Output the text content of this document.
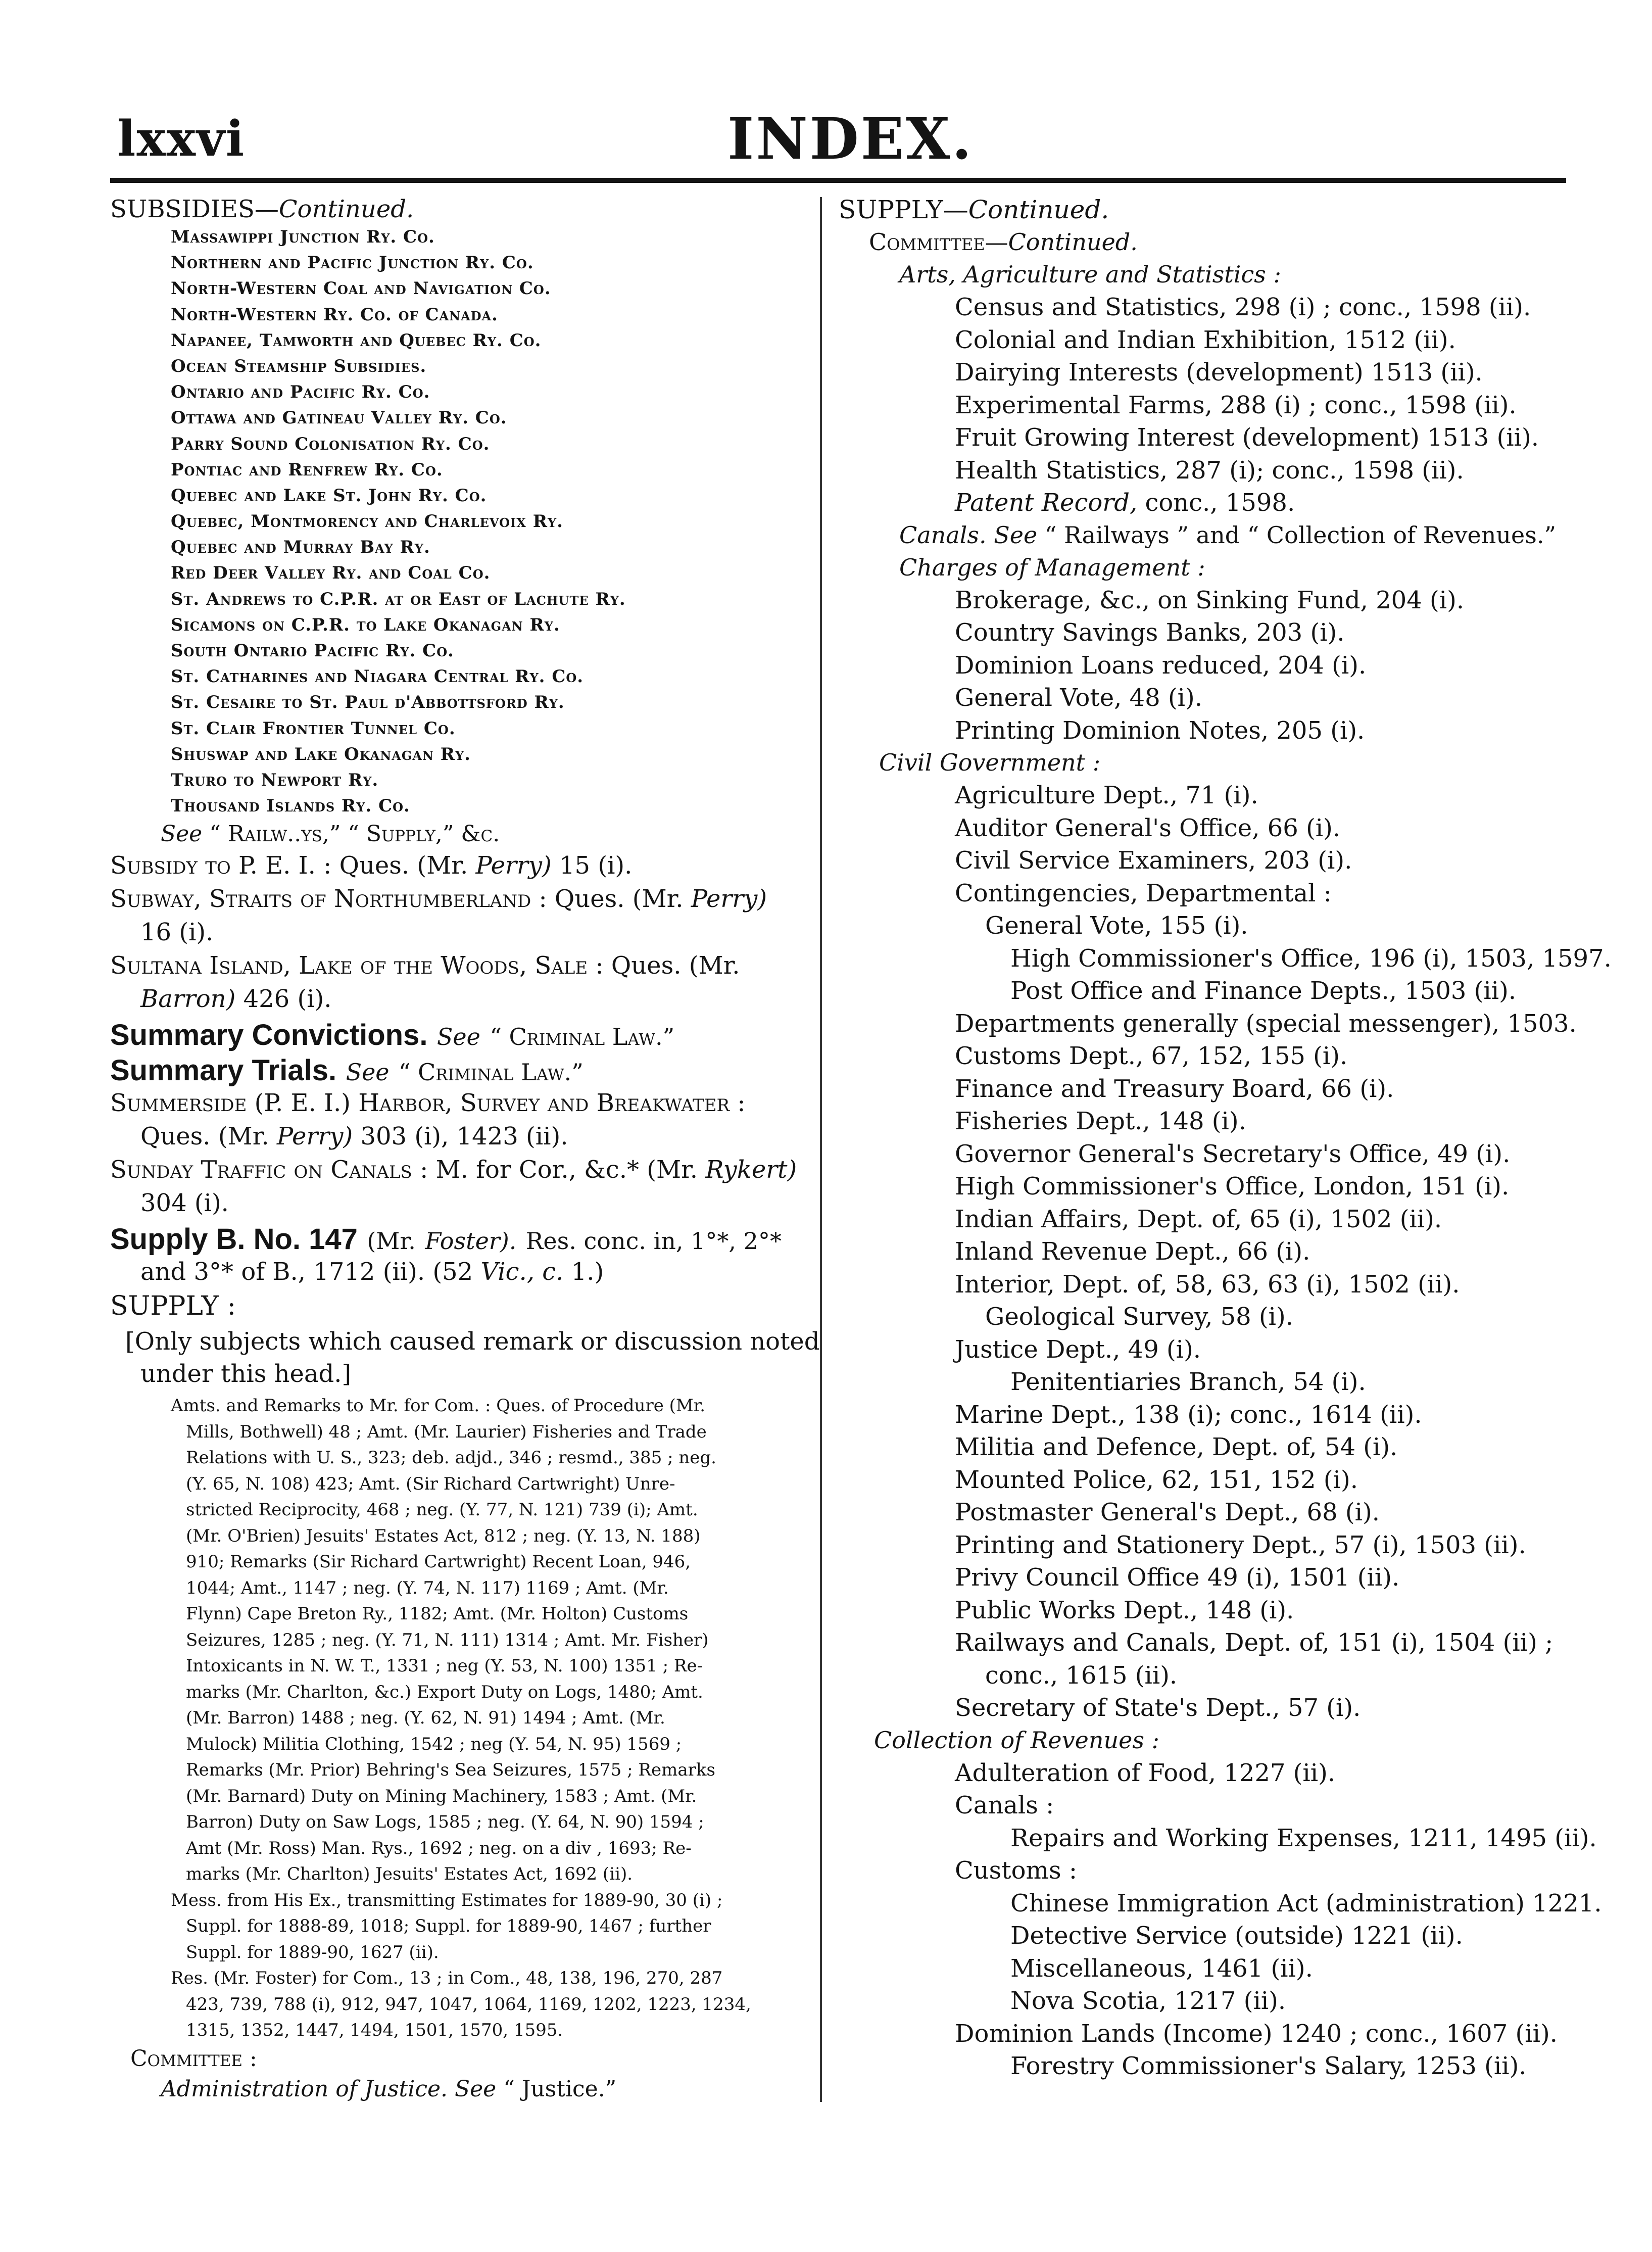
lxxvi	INDEX.
SUBSIDIES—Continued.
Massawippi Junction Ry. Co.
Northern and Pacific Junction Ry. Co.
North-Western Coal and Navigation Co.
North-Western Ry. Co. of Canada.
Napanee, Tamworth and Quebec Ry. Co.
Ocean Steamship Subsidies.
Ontario and Pacific Ry. Co.
Ottawa and Gatineau Valley Ry. Co.
Parry Sound Colonisation Ry. Co.
Pontiac and Renfrew Ry. Co.
Quebec and Lake St. John Ry. Co.
Quebec, Montmorency and Charlevoix Ry.
Quebec and Murray Bay Ry.
Red Deer Valley Ry. and Coal Co.
St. Andrews to C.P.R. at or East of Lachute Ry.
Sicamons on C.P.R. to Lake Okanagan Ry.
South Ontario Pacific Ry. Co.
St. Catharines and Niagara Central Ry. Co.
St. Cesaire to St. Paul d'Abbottsford Ry.
St. Clair Frontier Tunnel Co.
Shuswap and Lake Okanagan Ry.
Truro to Newport Ry.
Thousand Islands Ry. Co.
See “ Railw..ys,” “ Supply,” &c.
Subsidy to P. E. I. : Ques. (Mr. Perry) 15 (i).
Subway, Straits of Northumberland : Ques. (Mr. Perry)
16 (i).
Sultana Island, Lake of the Woods, Sale : Ques. (Mr.
Barron) 426 (i).
Summary Convictions. See “ Criminal Law.”
Summary Trials. See “ Criminal Law.”
Summerside (P. E. I.) Harbor, Survey and Breakwater :
Ques. (Mr. Perry) 303 (i), 1423 (ii).
Sunday Traffic on Canals : M. for Cor., &c.* (Mr. Rykert)
304 (i).
Supply B. No. 147 (Mr. Foster). Res. conc. in, 1°*, 2°*
and 3°* of B., 1712 (ii). (52 Vic., c. 1.)
SUPPLY :
[Only subjects which caused remark or discussion noted
under this head.]
Amts. and Remarks to Mr. for Com. : Ques. of Procedure (Mr.
Mills, Bothwell) 48 ; Amt. (Mr. Laurier) Fisheries and Trade
Relations with U. S., 323; deb. adjd., 346 ; resmd., 385 ; neg.
(Y. 65, N. 108) 423; Amt. (Sir Richard Cartwright) Unre-
stricted Reciprocity, 468 ; neg. (Y. 77, N. 121) 739 (i); Amt.
(Mr. O'Brien) Jesuits' Estates Act, 812 ; neg. (Y. 13, N. 188)
910; Remarks (Sir Richard Cartwright) Recent Loan, 946,
1044; Amt., 1147 ; neg. (Y. 74, N. 117) 1169 ; Amt. (Mr.
Flynn) Cape Breton Ry., 1182; Amt. (Mr. Holton) Customs
Seizures, 1285 ; neg. (Y. 71, N. 111) 1314 ; Amt. Mr. Fisher)
Intoxicants in N. W. T., 1331 ; neg (Y. 53, N. 100) 1351 ; Re-
marks (Mr. Charlton, &c.) Export Duty on Logs, 1480; Amt.
(Mr. Barron) 1488 ; neg. (Y. 62, N. 91) 1494 ; Amt. (Mr.
Mulock) Militia Clothing, 1542 ; neg (Y. 54, N. 95) 1569 ;
Remarks (Mr. Prior) Behring's Sea Seizures, 1575 ; Remarks
(Mr. Barnard) Duty on Mining Machinery, 1583 ; Amt. (Mr.
Barron) Duty on Saw Logs, 1585 ; neg. (Y. 64, N. 90) 1594 ;
Amt (Mr. Ross) Man. Rys., 1692 ; neg. on a div , 1693; Re-
marks (Mr. Charlton) Jesuits' Estates Act, 1692 (ii).
Mess. from His Ex., transmitting Estimates for 1889-90, 30 (i) ;
Suppl. for 1888-89, 1018; Suppl. for 1889-90, 1467 ; further
Suppl. for 1889-90, 1627 (ii).
Res. (Mr. Foster) for Com., 13 ; in Com., 48, 138, 196, 270, 287
423, 739, 788 (i), 912, 947, 1047, 1064, 1169, 1202, 1223, 1234,
1315, 1352, 1447, 1494, 1501, 1570, 1595.
Committee :
Administration of Justice. See “ Justice.”
SUPPLY—Continued.
Committee—Continued.
Arts, Agriculture and Statistics :
Census and Statistics, 298 (i) ; conc., 1598 (ii).
Colonial and Indian Exhibition, 1512 (ii).
Dairying Interests (development) 1513 (ii).
Experimental Farms, 288 (i) ; conc., 1598 (ii).
Fruit Growing Interest (development) 1513 (ii).
Health Statistics, 287 (i); conc., 1598 (ii).
Patent Record, conc., 1598.
Canals. See “ Railways ” and “ Collection of Revenues.”
Charges of Management :
Brokerage, &c., on Sinking Fund, 204 (i).
Country Savings Banks, 203 (i).
Dominion Loans reduced, 204 (i).
General Vote, 48 (i).
Printing Dominion Notes, 205 (i).
Civil Government :
Agriculture Dept., 71 (i).
Auditor General's Office, 66 (i).
Civil Service Examiners, 203 (i).
Contingencies, Departmental :
General Vote, 155 (i).
High Commissioner's Office, 196 (i), 1503, 1597.
Post Office and Finance Depts., 1503 (ii).
Departments generally (special messenger), 1503.
Customs Dept., 67, 152, 155 (i).
Finance and Treasury Board, 66 (i).
Fisheries Dept., 148 (i).
Governor General's Secretary's Office, 49 (i).
High Commissioner's Office, London, 151 (i).
Indian Affairs, Dept. of, 65 (i), 1502 (ii).
Inland Revenue Dept., 66 (i).
Interior, Dept. of, 58, 63, 63 (i), 1502 (ii).
Geological Survey, 58 (i).
Justice Dept., 49 (i).
Penitentiaries Branch, 54 (i).
Marine Dept., 138 (i); conc., 1614 (ii).
Militia and Defence, Dept. of, 54 (i).
Mounted Police, 62, 151, 152 (i).
Postmaster General's Dept., 68 (i).
Printing and Stationery Dept., 57 (i), 1503 (ii).
Privy Council Office 49 (i), 1501 (ii).
Public Works Dept., 148 (i).
Railways and Canals, Dept. of, 151 (i), 1504 (ii) ;
conc., 1615 (ii).
Secretary of State's Dept., 57 (i).
Collection of Revenues :
Adulteration of Food, 1227 (ii).
Canals :
Repairs and Working Expenses, 1211, 1495 (ii).
Customs :
Chinese Immigration Act (administration) 1221.
Detective Service (outside) 1221 (ii).
Miscellaneous, 1461 (ii).
Nova Scotia, 1217 (ii).
Dominion Lands (Income) 1240 ; conc., 1607 (ii).
Forestry Commissioner's Salary, 1253 (ii).
